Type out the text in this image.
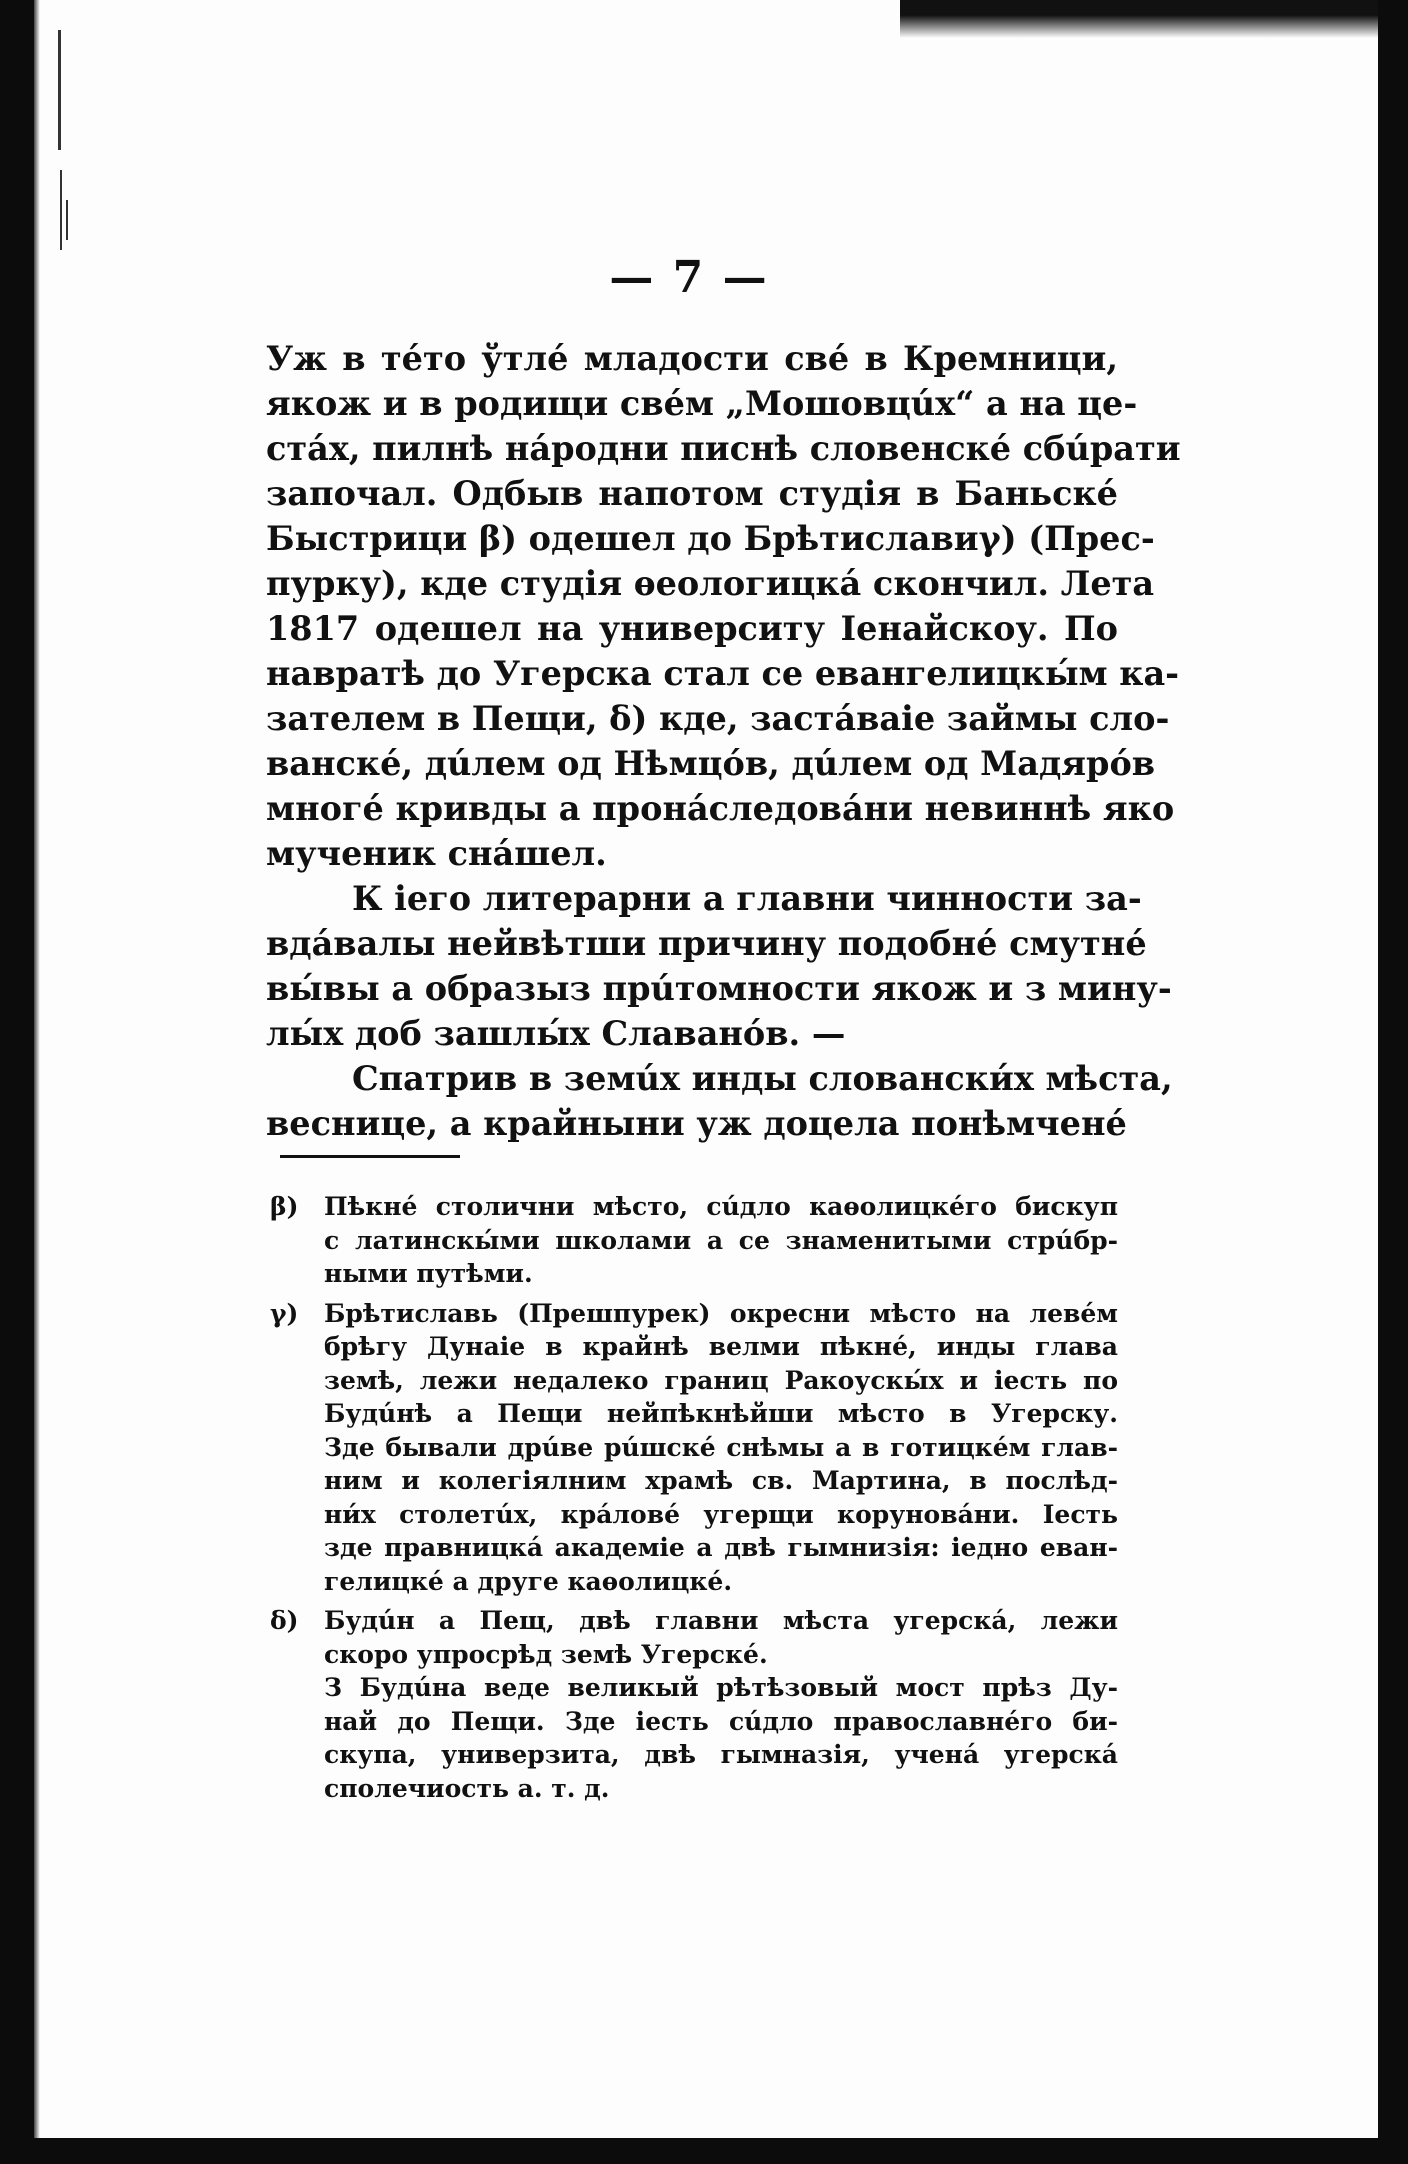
— 7 —
Уж в тéто ўтлé младости свé в Кремници,
якож и в родищи свéм „Мошовцúх“ а на це-
стáх, пилнѣ нáродни писнѣ словенскé сбúрати
започал. Одбыв напотом студія в Баньскé
Быстрици β) одешел до Брѣтиславиγ) (Прес-
пурку), кде студія ѳеологицкá скончил. Лета
1817 одешел на университу Іенайскоу. По
навратѣ до Угерска стал се евангелицкы́м ка-
зателем в Пещи, δ) кде, застáваіе займы сло-
ванскé, дúлем од Нѣмцóв, дúлем од Мадярóв
многé кривды а пронáследовáни невиннѣ яко
мученик снáшел.
К іего литерарни а главни чинности за-
вдáвалы нейвѣтши причину подобнé смутнé
вы́вы а образыз прúтомности якож и з мину-
лы́х доб зашлы́х Славанóв. —
Спатрив в земúх инды словански́х мѣста,
веснице, а крайныни уж доцела понѣмченé
β)	Пѣкнé столични мѣсто, сúдло каѳолицкéго бискуп
с латинскы́ми школами а се знаменитыми стрúбр-
ными путѣми.
γ)	Брѣтиславь (Прешпурек) окресни мѣсто на левéм
брѣгу Дунаіе в крайнѣ велми пѣкнé, инды глава
земѣ, лежи недалеко границ Ракоускы́х и іесть по
Будúнѣ а Пещи нейпѣкнѣйши мѣсто в Угерску.
Зде бывали дрúве рúшскé снѣмы а в готицкéм глав-
ним и колегіялним храмѣ св. Мартина, в послѣд-
ни́х столетúх, крáловé угерщи коруновáни. Іесть
зде правницкá академіе а двѣ гымнизія: іедно еван-
гелицкé а друге каѳолицкé.
δ)	Будúн а Пещ, двѣ главни мѣста угерскá, лежи
скоро упросрѣд земѣ Угерскé.
З Будúна веде великый рѣтѣзовый мост прѣз Ду-
най до Пещи. Зде іесть сúдло православнéго би-
скупа, универзита, двѣ гымназія, ученá угерскá
сполечиость а. т. д.
